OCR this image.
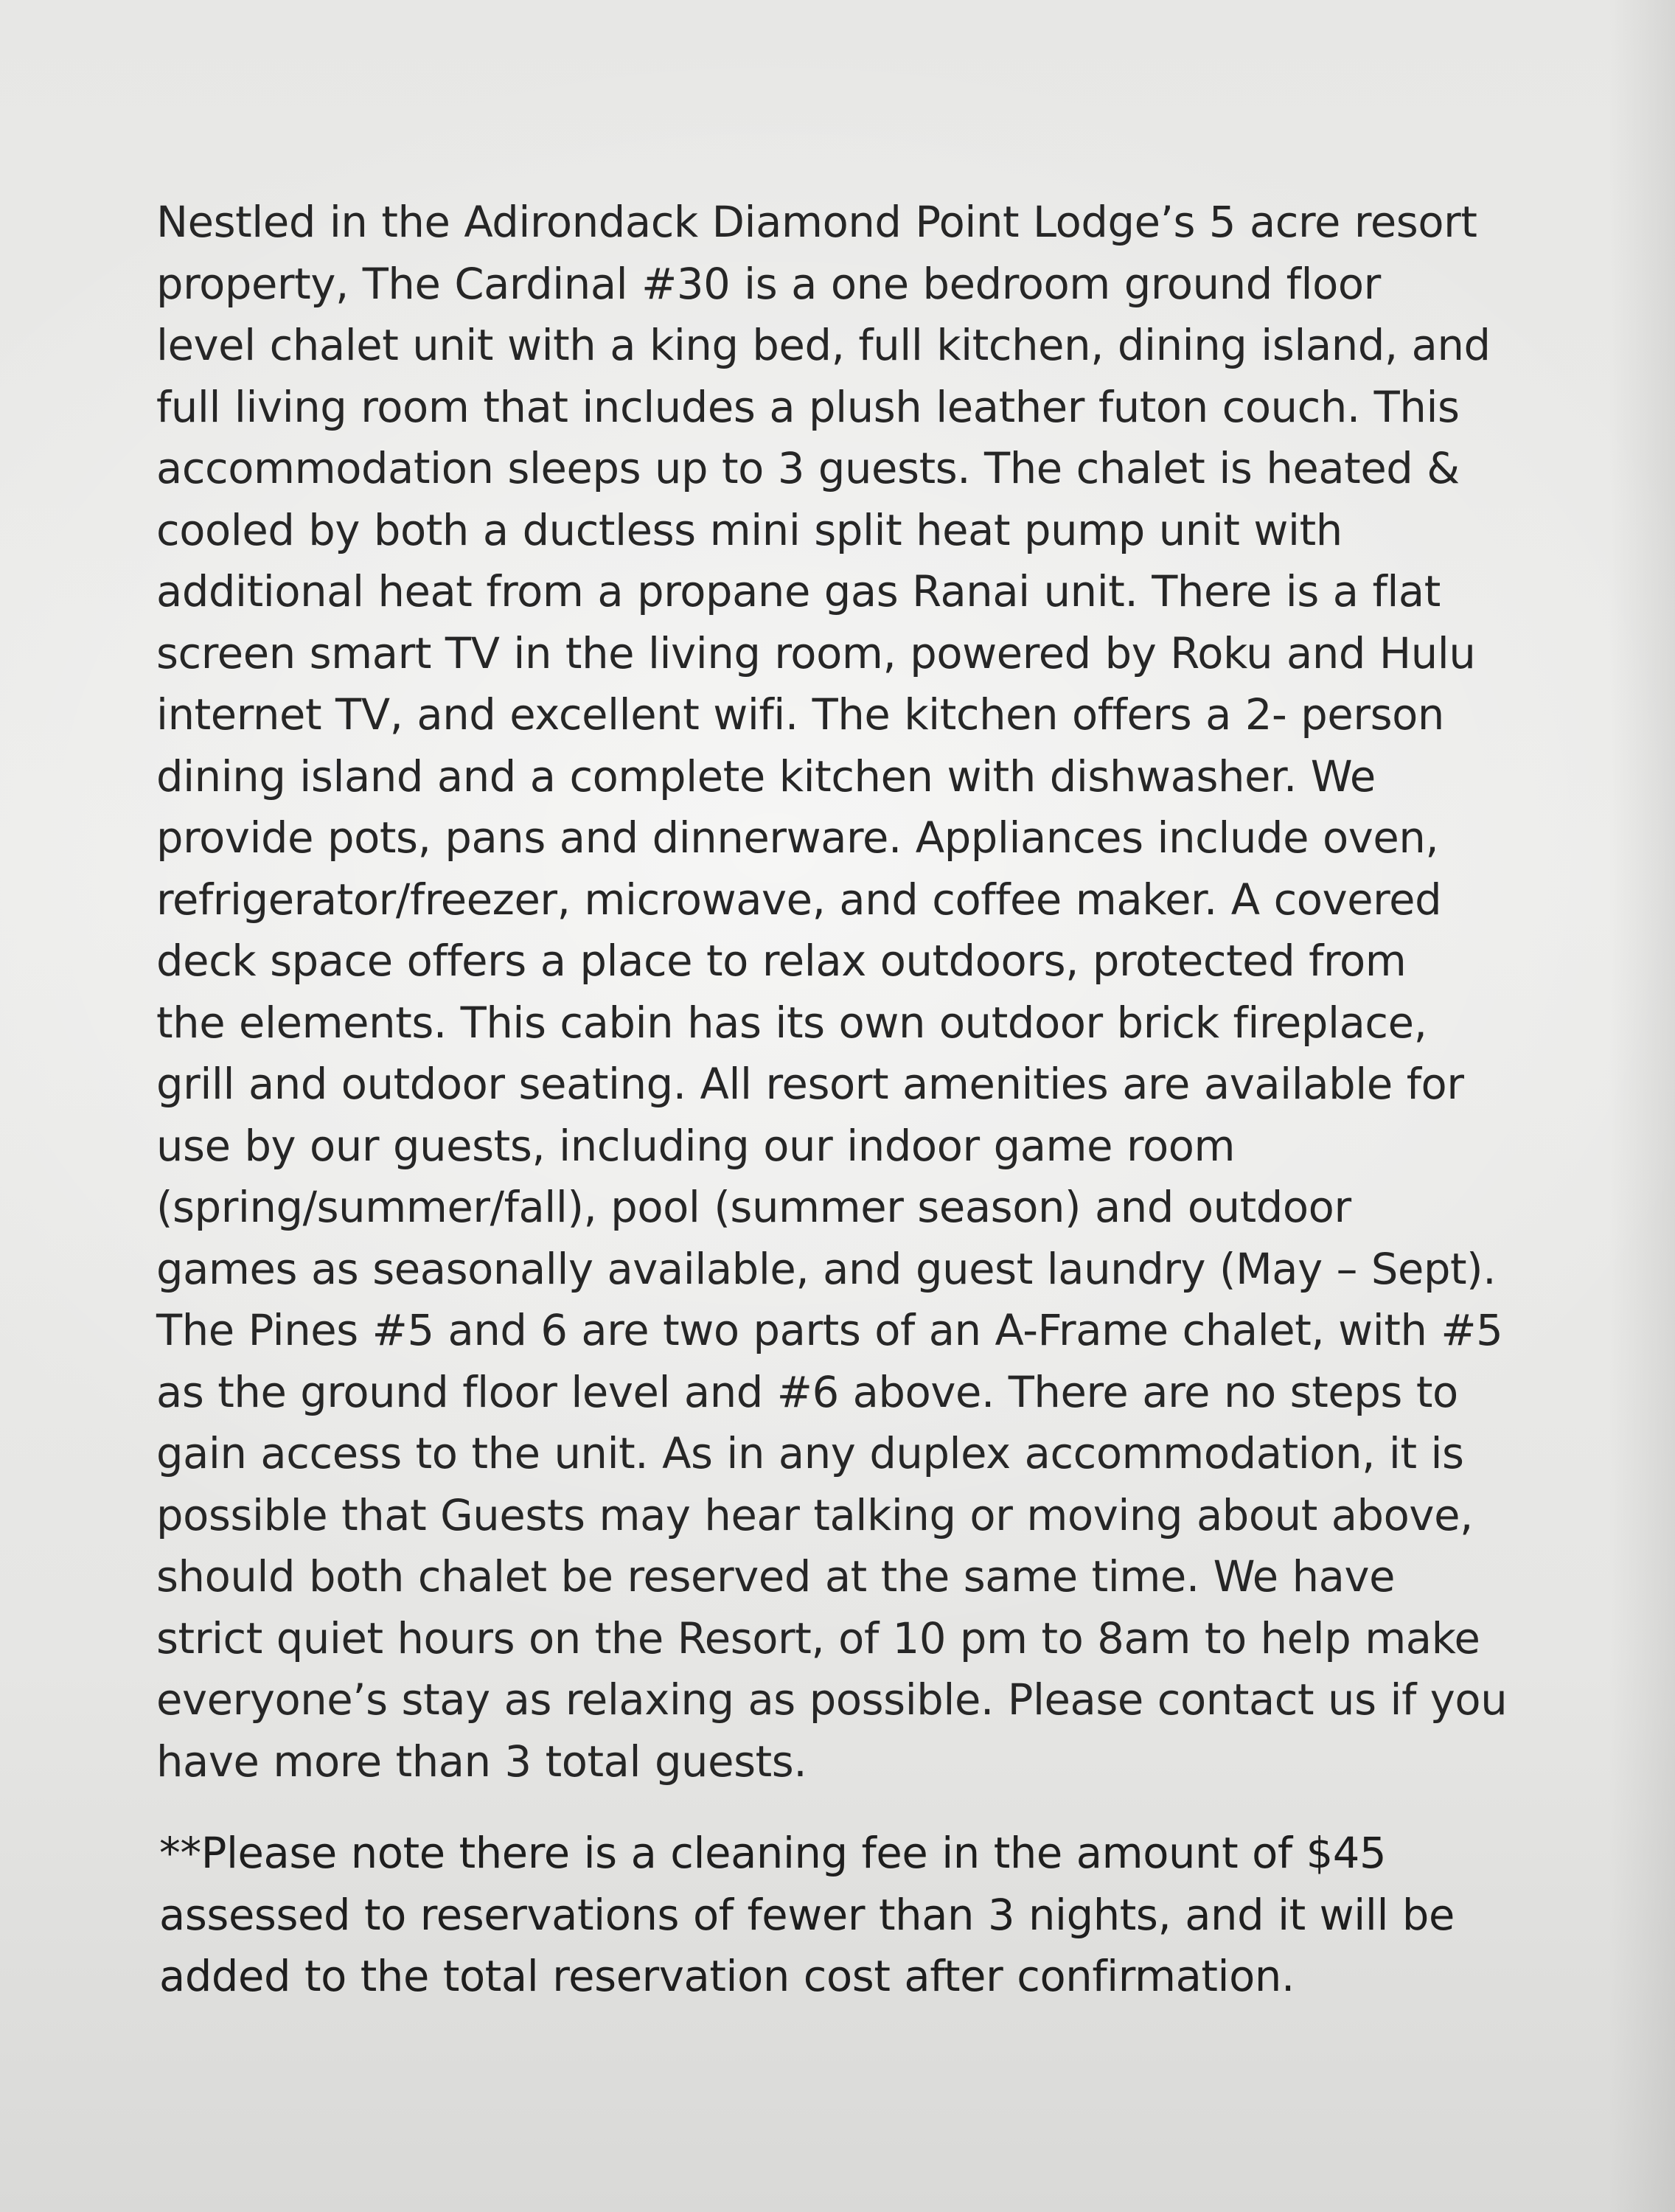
Nestled in the Adirondack Diamond Point Lodge’s 5 acre resort
property, The Cardinal #30 is a one bedroom ground floor
level chalet unit with a king bed, full kitchen, dining island, and
full living room that includes a plush leather futon couch. This
accommodation sleeps up to 3 guests. The chalet is heated &
cooled by both a ductless mini split heat pump unit with
additional heat from a propane gas Ranai unit. There is a flat
screen smart TV in the living room, powered by Roku and Hulu
internet TV, and excellent wifi. The kitchen offers a 2- person
dining island and a complete kitchen with dishwasher. We
provide pots, pans and dinnerware. Appliances include oven,
refrigerator/freezer, microwave, and coffee maker. A covered
deck space offers a place to relax outdoors, protected from
the elements. This cabin has its own outdoor brick fireplace,
grill and outdoor seating. All resort amenities are available for
use by our guests, including our indoor game room
(spring/summer/fall), pool (summer season) and outdoor
games as seasonally available, and guest laundry (May – Sept).
The Pines #5 and 6 are two parts of an A-Frame chalet, with #5
as the ground floor level and #6 above. There are no steps to
gain access to the unit. As in any duplex accommodation, it is
possible that Guests may hear talking or moving about above,
should both chalet be reserved at the same time. We have
strict quiet hours on the Resort, of 10 pm to 8am to help make
everyone’s stay as relaxing as possible. Please contact us if you
have more than 3 total guests.
**Please note there is a cleaning fee in the amount of $45
assessed to reservations of fewer than 3 nights, and it will be
added to the total reservation cost after confirmation.
